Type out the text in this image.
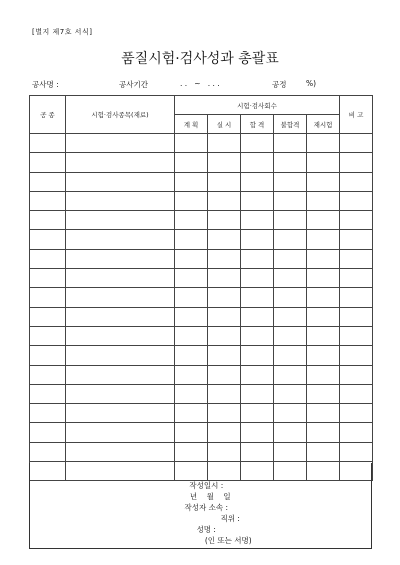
[별지 제7호 서식]
품질시험·검사성과 총괄표
공사명 :	공사기간	. .   ~   . . .	공정	%)
공 종	시험·검사종목(재료)	시험·검사회수					비 고
		계 획	실 시	합 격	불합격	재시험	

작성일시 :
년    월    일

작성자 소속 :
직위 :

성명 :
(인 또는 서명)
